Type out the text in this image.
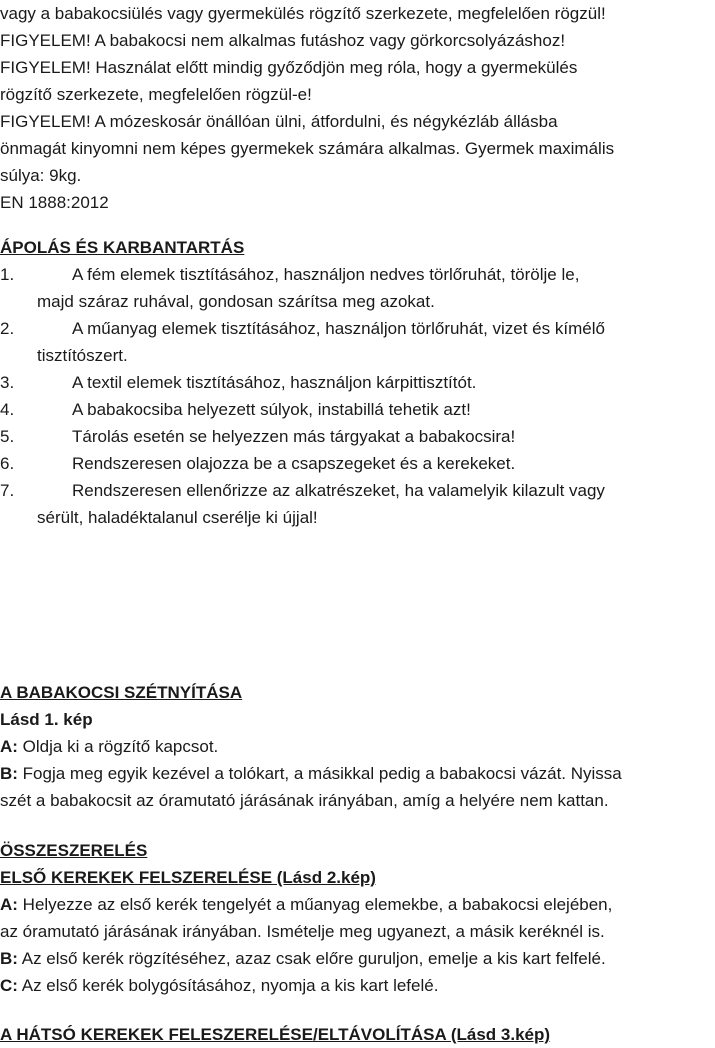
vagy a babakocsiülés vagy gyermekülés rögzítő szerkezete, megfelelően rögzül!
FIGYELEM! A babakocsi nem alkalmas futáshoz vagy görkorcsolyázáshoz!
FIGYELEM! Használat előtt mindig győződjön meg róla, hogy a gyermekülés
rögzítő szerkezete, megfelelően rögzül-e!
FIGYELEM! A mózeskosár önállóan ülni, átfordulni, és négykézláb állásba
önmagát kinyomni nem képes gyermekek számára alkalmas. Gyermek maximális
súlya: 9kg.
EN 1888:2012
ÁPOLÁS ÉS KARBANTARTÁS
1.	A fém elemek tisztításához, használjon nedves törlőruhát, törölje le,
majd száraz ruhával, gondosan szárítsa meg azokat.
2.	A műanyag elemek tisztításához, használjon törlőruhát, vizet és kímélő
tisztítószert.
3.	A textil elemek tisztításához, használjon kárpittisztítót.
4.	A babakocsiba helyezett súlyok, instabillá tehetik azt!
5.	Tárolás esetén se helyezzen más tárgyakat a babakocsira!
6.	Rendszeresen olajozza be a csapszegeket és a kerekeket.
7.	Rendszeresen ellenőrizze az alkatrészeket, ha valamelyik kilazult vagy
sérült, haladéktalanul cserélje ki újjal!
A BABAKOCSI SZÉTNYÍTÁSA
Lásd 1. kép
A: Oldja ki a rögzítő kapcsot.
B: Fogja meg egyik kezével a tolókart, a másikkal pedig a babakocsi vázát. Nyissa
szét a babakocsit az óramutató járásának irányában, amíg a helyére nem kattan.
ÖSSZESZERELÉS
ELSŐ KEREKEK FELSZERELÉSE (Lásd 2.kép)
A: Helyezze az első kerék tengelyét a műanyag elemekbe, a babakocsi elejében,
az óramutató járásának irányában. Ismételje meg ugyanezt, a másik keréknél is.
B: Az első kerék rögzítéséhez, azaz csak előre guruljon, emelje a kis kart felfelé.
C: Az első kerék bolygósításához, nyomja a kis kart lefelé.
A HÁTSÓ KEREKEK FELESZERELÉSE/ELTÁVOLÍTÁSA (Lásd 3.kép)
